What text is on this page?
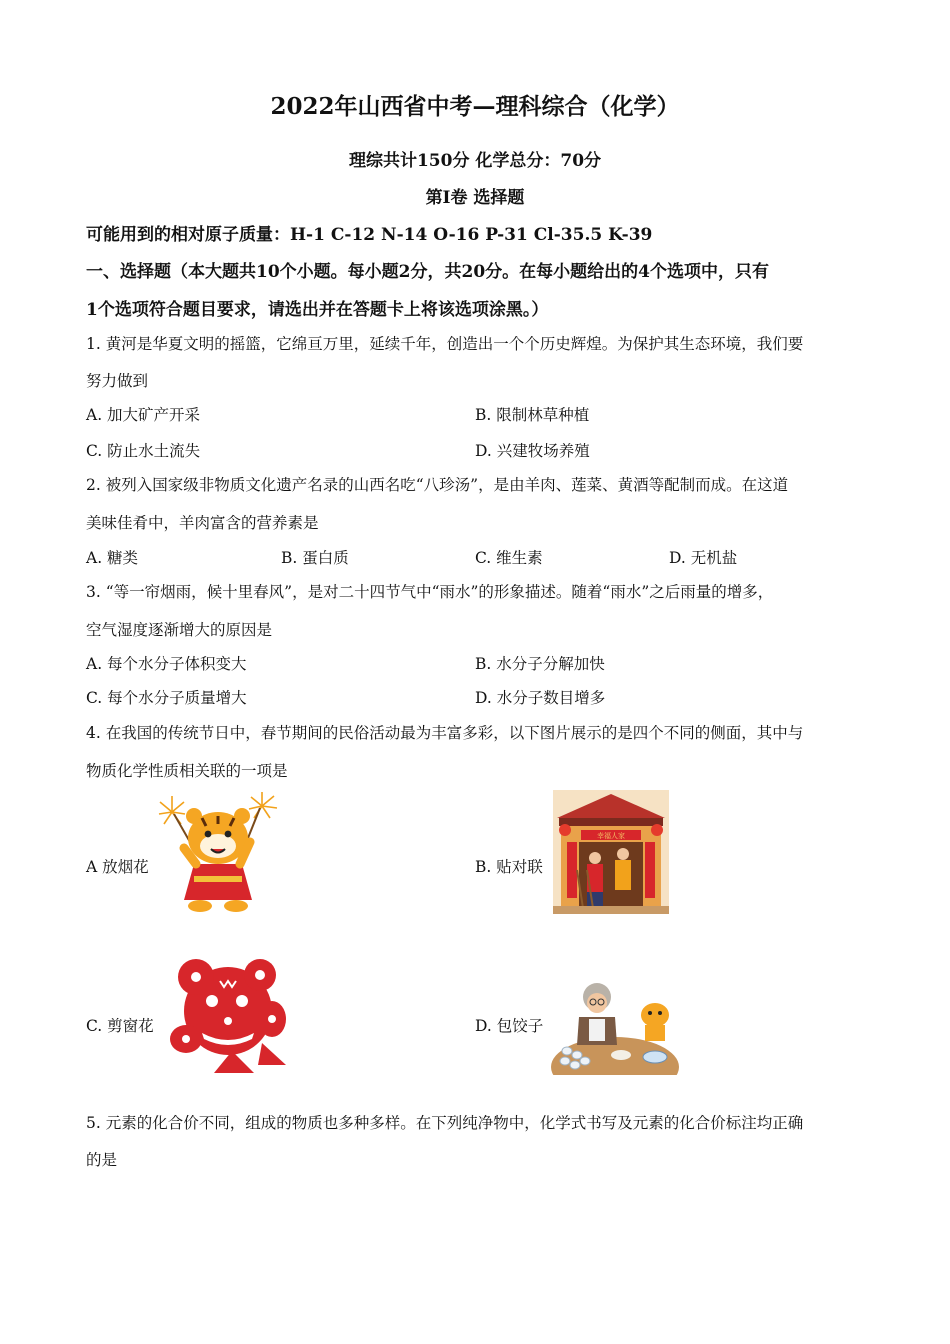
2022年山西省中考—理科综合（化学）
理综共计150分 化学总分：70分
第Ⅰ卷 选择题
可能用到的相对原子质量：H-1 C-12 N-14 O-16 P-31 Cl-35.5 K-39
一、选择题（本大题共10个小题。每小题2分，共20分。在每小题给出的4个选项中，只有
1个选项符合题目要求，请选出并在答题卡上将该选项涂黑。）
1. 黄河是华夏文明的摇篮，它绵亘万里，延续千年，创造出一个个历史辉煌。为保护其生态环境，我们要
努力做到
A. 加大矿产开采	B. 限制林草种植
C. 防止水土流失	D. 兴建牧场养殖
2. 被列入国家级非物质文化遗产名录的山西名吃“八珍汤”，是由羊肉、莲菜、黄酒等配制而成。在这道
美味佳肴中，羊肉富含的营养素是
A. 糖类	B. 蛋白质	C. 维生素	D. 无机盐
3. “等一帘烟雨，候十里春风”，是对二十四节气中“雨水”的形象描述。随着“雨水”之后雨量的增多，
空气湿度逐渐增大的原因是
A. 每个水分子体积变大	B. 水分子分解加快
C. 每个水分子质量增大	D. 水分子数目增多
4. 在我国的传统节日中，春节期间的民俗活动最为丰富多彩，以下图片展示的是四个不同的侧面，其中与
物质化学性质相关联的一项是
A 放烟花	B. 贴对联
C. 剪窗花	D. 包饺子
幸福人家
5. 元素的化合价不同，组成的物质也多种多样。在下列纯净物中，化学式书写及元素的化合价标注均正确
的是
